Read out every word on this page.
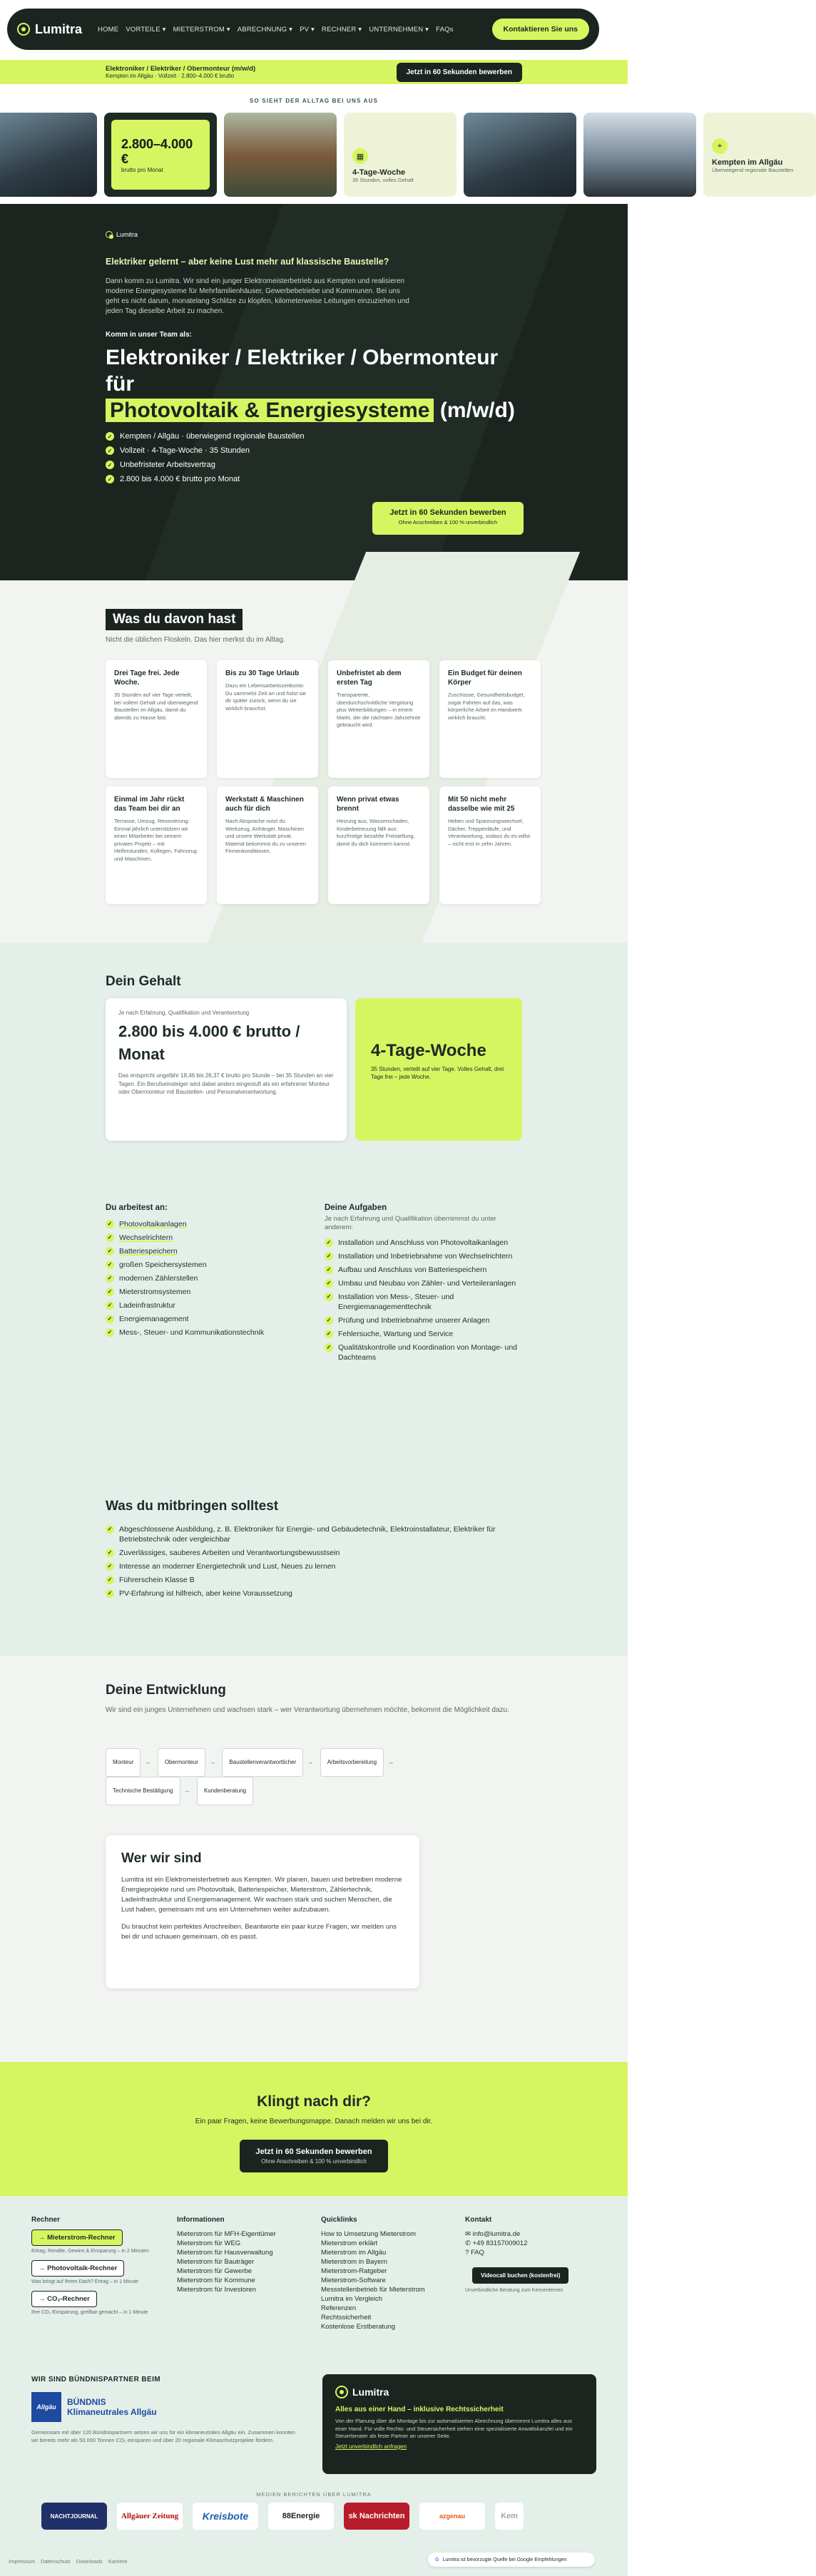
Lumitra HOME VORTEILE ▾ MIETERSTROM ▾ ABRECHNUNG ▾ PV ▾ RECHNER ▾ UNTERNEHMEN ▾ FAQs	Kontaktieren Sie uns
Elektroniker / Elektriker / Obermonteur (m/w/d)
Kempten im Allgäu · Vollzeit · 2.800–4.000 € brutto	Jetzt in 60 Sekunden bewerben
SO SIEHT DER ALLTAG BEI UNS AUS
2.800–4.000 €
brutto pro Monat
▦
4-Tage-Woche
35 Stunden, volles Gehalt
⌖
Kempten im Allgäu
Überwiegend regionale Baustellen
Lumitra
Elektriker gelernt – aber keine Lust mehr auf klassische Baustelle?

Dann komm zu Lumitra. Wir sind ein junger Elektromeisterbetrieb aus Kempten und realisieren moderne Energiesysteme für Mehrfamilienhäuser, Gewerbebetriebe und Kommunen. Bei uns geht es nicht darum, monatelang Schlitze zu klopfen, kilometerweise Leitungen einzuziehen und jeden Tag dieselbe Arbeit zu machen.

Komm in unser Team als:
Elektroniker / Elektriker / Obermonteur für
Photovoltaik & Energiesysteme (m/w/d)
✓ Kempten / Allgäu · überwiegend regionale Baustellen
✓ Vollzeit · 4-Tage-Woche · 35 Stunden
✓ Unbefristeter Arbeitsvertrag
✓ 2.800 bis 4.000 € brutto pro Monat
Jetzt in 60 Sekunden bewerben
Ohne Anschreiben & 100 % unverbindlich
Was du davon hast
Nicht die üblichen Floskeln. Das hier merkst du im Alltag.
Drei Tage frei. Jede Woche.

35 Stunden auf vier Tage verteilt, bei vollem Gehalt und überwiegend Baustellen im Allgäu, damit du abends zu Hause bist.

Bis zu 30 Tage Urlaub

Dazu ein Lebensarbeitszeitkonto: Du sammelst Zeit an und holst sie dir später zurück, wenn du sie wirklich brauchst.

Unbefristet ab dem ersten Tag

Transparente, überdurchschnittliche Vergütung plus Weiterbildungen – in einem Markt, der die nächsten Jahrzehnte gebraucht wird.

Ein Budget für deinen Körper

Zuschüsse, Gesundheitsbudget, sogar Fahrten auf das, was körperliche Arbeit im Handwerk wirklich braucht.

Einmal im Jahr rückt das Team bei dir an

Terrasse, Umzug, Renovierung: Einmal jährlich unterstützen wir einen Mitarbeiter bei seinem privaten Projekt – mit Helferstunden, Kollegen, Fahrzeug und Maschinen.

Werkstatt & Maschinen auch für dich

Nach Absprache nutzt du Werkzeug, Anhänger, Maschinen und unsere Werkstatt privat. Material bekommst du zu unseren Firmenkonditionen.

Wenn privat etwas brennt

Heizung aus, Wasserschaden, Kinderbetreuung fällt aus: kurzfristige bezahlte Freistellung, damit du dich kümmern kannst.

Mit 50 nicht mehr dasselbe wie mit 25

Heben und Spannungswechsel, Dächer, Treppenläufe, und Verantwortung, sodass du es willst – nicht erst in zehn Jahren.

Dein Gehalt
Je nach Erfahrung, Qualifikation und Verantwortung
2.800 bis 4.000 € brutto / Monat

Das entspricht ungefähr 18,46 bis 26,37 € brutto pro Stunde – bei 35 Stunden an vier Tagen. Ein Berufseinsteiger wird dabei anders eingestuft als ein erfahrener Monteur oder Obermonteur mit Baustellen- und Personalverantwortung.

4-Tage-Woche

35 Stunden, verteilt auf vier Tage. Volles Gehalt, drei Tage frei – jede Woche.

Du arbeitest an:
✓ Photovoltaikanlagen
✓ Wechselrichtern
✓ Batteriespeichern
✓ großen Speichersystemen
✓ modernen Zählerstellen
✓ Mieterstromsystemen
✓ Ladeinfrastruktur
✓ Energiemanagement
✓ Mess-, Steuer- und Kommunikationstechnik
Deine Aufgaben
Je nach Erfahrung und Qualifikation übernimmst du unter anderem:
✓ Installation und Anschluss von Photovoltaikanlagen
✓ Installation und Inbetriebnahme von Wechselrichtern
✓ Aufbau und Anschluss von Batteriespeichern
✓ Umbau und Neubau von Zähler- und Verteileranlagen
✓ Installation von Mess-, Steuer- und Energiemanagementtechnik
✓ Prüfung und Inbetriebnahme unserer Anlagen
✓ Fehlersuche, Wartung und Service
✓ Qualitätskontrolle und Koordination von Montage- und Dachteams
Was du mitbringen solltest
✓ Abgeschlossene Ausbildung, z. B. Elektroniker für Energie- und Gebäudetechnik, Elektroinstallateur, Elektriker für Betriebstechnik oder vergleichbar
✓ Zuverlässiges, sauberes Arbeiten und Verantwortungsbewusstsein
✓ Interesse an moderner Energietechnik und Lust, Neues zu lernen
✓ Führerschein Klasse B
✓ PV-Erfahrung ist hilfreich, aber keine Voraussetzung
Deine Entwicklung

Wir sind ein junges Unternehmen und wachsen stark – wer Verantwortung übernehmen möchte, bekommt die Möglichkeit dazu.

Monteur → Obermonteur → Baustellenverantwortlicher → Arbeitsvorbereitung →
Technische Bestätigung → Kundenberatung
Wer wir sind

Lumitra ist ein Elektromeisterbetrieb aus Kempten. Wir planen, bauen und betreiben moderne Energieprojekte rund um Photovoltaik, Batteriespeicher, Mieterstrom, Zählertechnik, Ladeinfrastruktur und Energiemanagement. Wir wachsen stark und suchen Menschen, die Lust haben, gemeinsam mit uns ein Unternehmen weiter aufzubauen.

Du brauchst kein perfektes Anschreiben. Beantworte ein paar kurze Fragen, wir melden uns bei dir und schauen gemeinsam, ob es passt.

Klingt nach dir?
Ein paar Fragen, keine Bewerbungsmappe. Danach melden wir uns bei dir.
Jetzt in 60 Sekunden bewerben
Ohne Anschreiben & 100 % unverbindlich
Rechner
→ Mieterstrom-Rechner
Ertrag, Rendite, Gewinn & Einsparung – in 2 Minuten
→ Photovoltaik-Rechner
Was bringt auf Ihrem Dach? Ertrag – in 1 Minute
→ CO₂-Rechner
Ihre CO₂-Einsparung, greifbar gemacht – in 1 Minute
Informationen
Mieterstrom für MFH-Eigentümer
Mieterstrom für WEG
Mieterstrom für Hausverwaltung
Mieterstrom für Bauträger
Mieterstrom für Gewerbe
Mieterstrom für Kommune
Mieterstrom für Investoren
Quicklinks
How to Umsetzung Mieterstrom
Mieterstrom erklärt
Mieterstrom im Allgäu
Mieterstrom in Bayern
Mieterstrom-Ratgeber
Mieterstrom-Software
Messstellenbetrieb für Mieterstrom
Lumitra im Vergleich
Referenzen
Rechtssicherheit
Kostenlose Erstberatung
Kontakt
✉ info@lumitra.de
✆ +49 83157009012
? FAQ
Videocall buchen (kostenfrei)
Unverbindliche Beratung zum Kennenlernen
WIR SIND BÜNDNISPARTNER BEIM
Allgäu	BÜNDNIS Klimaneutrales Allgäu

Gemeinsam mit über 120 Bündnispartnern setzen wir uns für ein klimaneutrales Allgäu ein. Zusammen konnten wir bereits mehr als 50.000 Tonnen CO₂ einsparen und über 20 regionale Klimaschutzprojekte fördern.

Lumitra
Alles aus einer Hand – inklusive Rechtssicherheit

Von der Planung über die Montage bis zur automatisierten Abrechnung übernimmt Lumitra alles aus einer Hand. Für volle Rechts- und Steuersicherheit stehen eine spezialisierte Anwaltskanzlei und ein Steuerberater als feste Partner an unserer Seite.

Jetzt unverbindlich anfragen
MEDIEN BERICHTEN ÜBER LUMITRA
NACHTJOURNAL	Allgäuer Zeitung	Kreisbote	88Energie	sk Nachrichten	azgenau	Kem
Impressum Datenschutz Downloads Karriere	G Lumitra ist bevorzugte Quelle bei Google Empfehlungen
